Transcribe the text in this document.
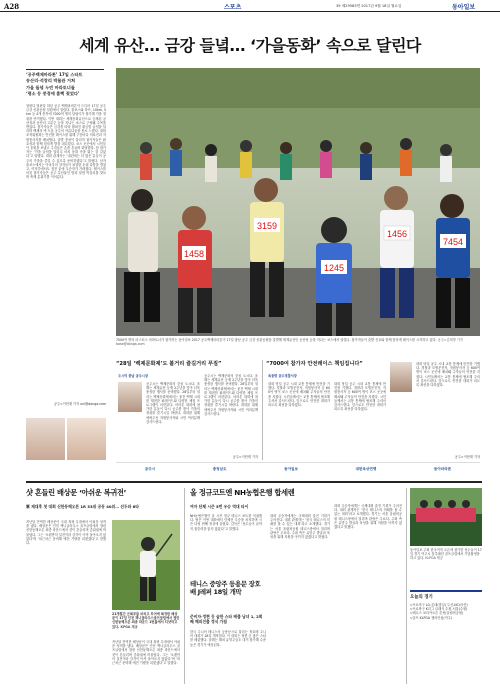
A28	스포츠	39 제29585면 2017년 9월 18일 월요일	동아일보
세계 유산… 금강 들녘… ‘가을동화’ 속으로 달린다
‘공주백제마라톤’ 17일 스타트
송산리·석장리 박물관 거쳐
가을 들녘 누빈 마라토너들
‘평소 등 풍경에 흠뻑 젖었다’
열린다 열린다 하던 공주 백제마라톤이 드디어 17일 공주 금강 신관공원 일원에서 열렸다. 풀코스와 하프, 10km, 5km 등 4개 종목에 7000여 명의 달림이가 참가해 가을 정취를 만끽했다. 이번 대회는 세계문화유산으로 등재된 공산성과 송산리 고분군 등을 지나는 코스로 구성돼 주목을 받았다. 참가자들은 금강을 따라 펼쳐진 황금빛 들녘을 달리며 백제의 옛 도읍 공주의 아름다움을 몸소 느꼈다. 대회 조직위원회는 안전한 레이스를 위해 구간마다 의료진과 자원봉사자를 배치했다. 출발 총성이 울리자 참가자들은 환호성과 함께 힘차게 발을 내디뎠다. 코스 곳곳에서 시민들이 응원을 보냈고 주자들은 손을 흔들며 화답했다. 한 참가자는 ‘가을 들녘을 달리니 마치 동화 속을 뛰는 것 같았다’고 말했다. 대회 관계자는 ‘내년에는 더 많은 분들이 공주의 가을을 즐길 수 있도록 준비하겠다’고 밝혔다. 남자 풀코스에서는 아마추어 강자들이 치열한 순위 다툼을 벌였고, 여자부에서도 접전 끝에 우승자가 가려졌다. 레이스를 마친 참가자들은 공주 특산물인 밤과 알밤 막걸리를 맛보며 축제 분위기를 이어갔다.
공주=이헌재 기자 uni@donga.com
1458
3159
1245
1456
7454
7000여 명의 마스터스 마라토너가 참가하는 동아일보 2017 공주백제마라톤이 17일 충남 공주 금강 신관공원을 출발해 세계유산인 공산성 등을 지나는 코스에서 열렸다. 참가자들이 출발 신호와 함께 힘차게 레이스를 시작하고 있다. 공주=김재명 기자 base@donga.com
“28일 ‘백제문화제’도 볼거리 즐길거리 푸짐”
오시덕 충남 공주시장
공주시는 백제문화의 중심 도시다. 올해는 세계유산 등재 2주년을 맞아 더욱 풍성한 행사를 준비했다. 28일부터 열리는 백제문화제에서는 웅진 백제 시대를 재현한 퍼레이드와 다양한 체험 프로그램이 마련된다. 마라톤 대회에 참가한 분들이 다시 공주를 찾아 가을의 정취를 즐기시길 바란다. 대회를 위해 애써주신 자원봉사자와 시민 여러분께 감사드린다.
공주시는 백제문화의 중심 도시다. 올해는 세계유산 등재 2주년을 맞아 더욱 풍성한 행사를 준비했다. 28일부터 열리는 백제문화제에서는 웅진 백제 시대를 재현한 퍼레이드와 다양한 체험 프로그램이 마련된다. 마라톤 대회에 참가한 분들이 다시 공주를 찾아 가을의 정취를 즐기시길 바란다. 대회를 위해 애써주신 자원봉사자와 시민 여러분께 감사드린다.
공주=이헌재 기자
“7000여 참가자 안전레이스 책임집니다”
육종명 공주경찰서장
대회 당일 공주 시내 교통 통제에 만전을 기했다. 경찰과 모범운전자, 자원봉사자 등 600여 명이 코스 곳곳에 배치돼 주자들의 안전을 지켰다. 시민들께서는 교통 통제에 협조해 주셔서 감사드린다. 앞으로도 안전한 대회가 되도록 최선을 다하겠다.
대회 당일 공주 시내 교통 통제에 만전을 기했다. 경찰과 모범운전자, 자원봉사자 등 600여 명이 코스 곳곳에 배치돼 주자들의 안전을 지켰다. 시민들께서는 교통 통제에 협조해 주셔서 감사드린다. 앞으로도 안전한 대회가 되도록 최선을 다하겠다.
대회 당일 공주 시내 교통 통제에 만전을 기했다. 경찰과 모범운전자, 자원봉사자 등 600여 명이 코스 곳곳에 배치돼 주자들의 안전을 지켰다. 시민들께서는 교통 통제에 협조해 주셔서 감사드린다. 앞으로도 안전한 대회가 되도록 최선을 다하겠다.
공주=이헌재 기자
공주시	충청남도	동아일보	대한육상연맹	동아마라톤
샷 흔들린 배상문 ‘아쉬운 복귀전’
軍 제대후 첫 대회 신한동해오픈 1R 33위 공동 40위… 선두와 8타
지난달 전역한 배상문이 국내 복귀 무대에서 아쉬운 성적을 냈다. 배상문은 인천 잭니클라우스 골프클럽에서 열린 신한동해오픈 최종 라운드에서 샷이 흔들리며 중위권에 머물렀다. 그는 ‘오랜만의 실전이라 감각이 아직 돌아오지 않았다’며 ‘차근차근 준비해 예전 기량을 되찾겠다’고 말했다.
21개월간 군복무를 마치고 투어에 복귀한 배상문이 17일 인천 잭니클라우스골프클럽에서 열린 신한동해오픈 최종 라운드 1번홀에서 티샷하고 있다. KPGA 제공
지난달 전역한 배상문이 국내 복귀 무대에서 아쉬운 성적을 냈다. 배상문은 인천 잭니클라우스 골프클럽에서 열린 신한동해오픈 최종 라운드에서 샷이 흔들리며 중위권에 머물렀다. 그는 ‘오랜만의 실전이라 감각이 아직 돌아오지 않았다’며 ‘차근차근 준비해 예전 기량을 되찾겠다’고 말했다.
올 정규코트엔 NH농협은행 합세렌
여자 단체 시즌 5번 우승 역대 타이
NH농협은행이 올 시즌 정규 테니스 코트를 석권했다. 팀은 이번 대회에서 단체전 우승을 차지하며 시즌 다섯 번째 정상에 올랐다. 감독은 ‘선수들이 끝까지 집중력을 잃지 않았다’고 말했다.
테니스 중앙주 등용문 장호배 J레퍼 18일 개막
준비자·정현 등 숱한 스타 배출 남녀 1, 2회째 해외진출 정식 가점
한국 주니어 테니스의 등용문으로 불리는 장호배 주니어 대회가 18일 개막한다. 이 대회는 정현 등 많은 스타를 배출했다. 올해는 해외 유망주들도 대거 참가해 수준 높은 경기가 예상된다.
대회 우승자에게는 국제대회 출전 기회가 주어진다. 대회 관계자는 ‘한국 테니스의 미래를 볼 수 있는 대회’라고 소개했다. 경기는 서울 올림픽공원 테니스장에서 열리며 관람은 무료다. 주최 측은 유망주 발굴과 육성을 위해 지원을 아끼지 않겠다고 밝혔다.
대회 우승자에게는 국제대회 출전 기회가 주어진다. 대회 관계자는 ‘한국 테니스의 미래를 볼 수 있는 대회’라고 소개했다. 경기는 서울 올림픽공원 테니스장에서 열리며 관람은 무료다. 주최 측은 유망주 발굴과 육성을 위해 지원을 아끼지 않겠다고 밝혔다.
동아일보 주최 한국여자 오픈에 참가한 선수들이 17일 경기 여주시 블루헤런 골프클럽에서 기념촬영을 하고 있다. KLPGA 제공
오늘의 경기
▽프로야구 LG-롯데(잠실) 두산-NC(마산)
▽프로축구 K리그 클래식 수원-서울(수원)
▽테니스 코리아오픈 본선(올림픽공원)
▽골프 KLPGA 챔피언십(여주)
